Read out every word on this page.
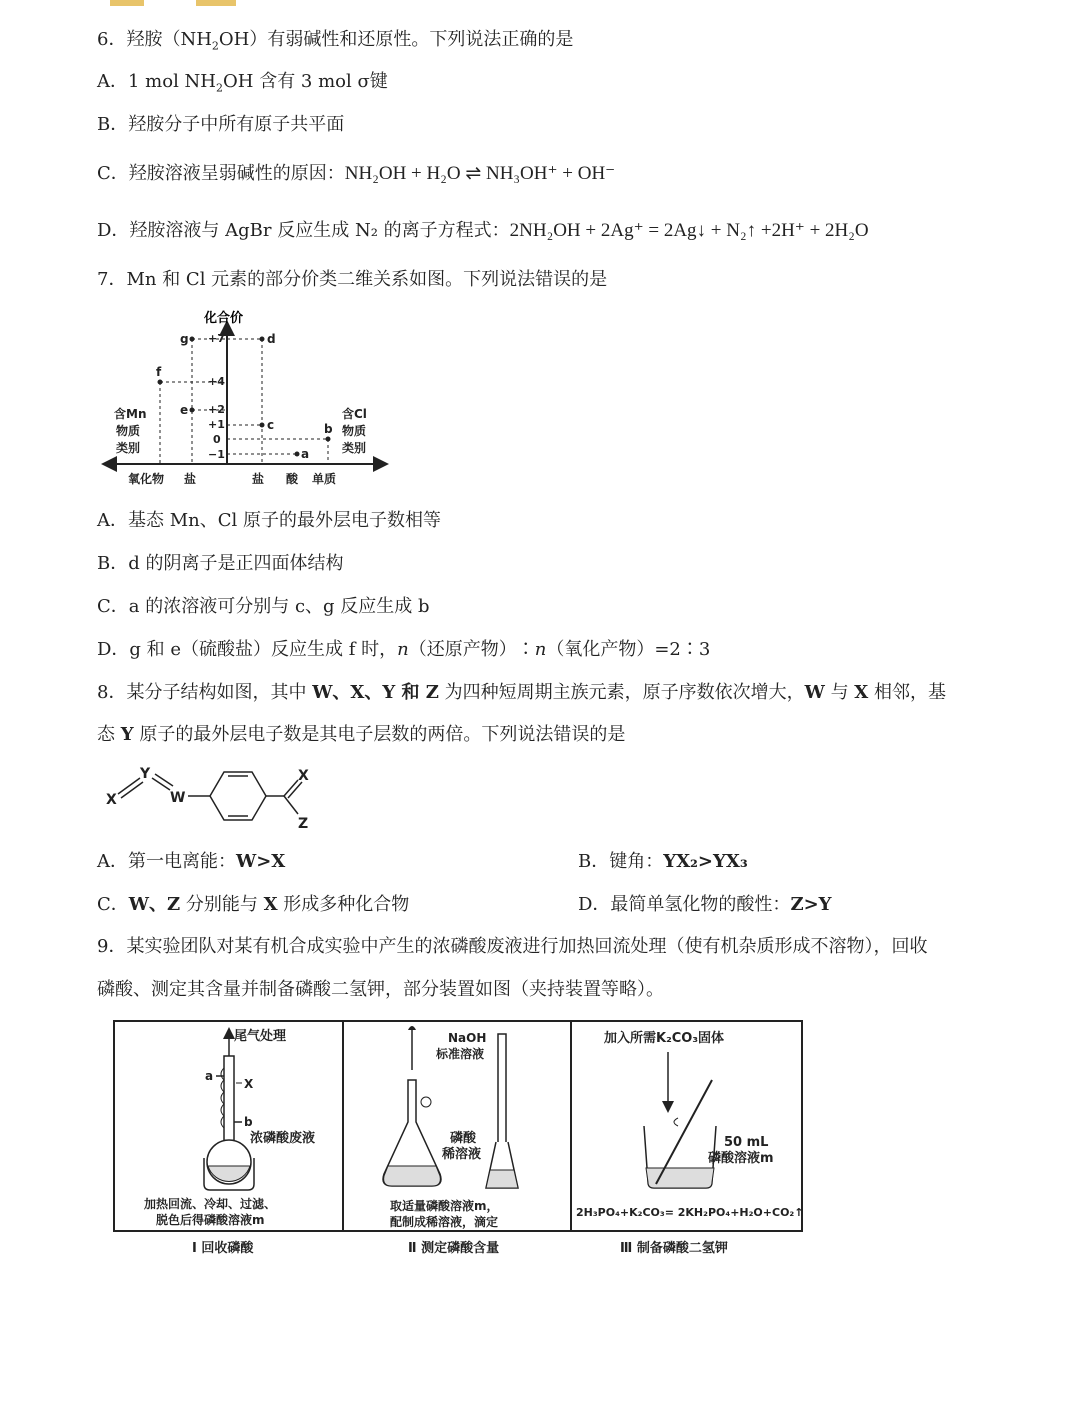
6．羟胺$(NH_2OH)$有弱碱性和还原性。下列说法正确的是
A．1 mol $NH_2OH$ 含有 3 mol σ键
B．羟胺分子中所有原子共平面
C．羟胺溶液呈弱碱性的原因：NH₂OH + H₂O ⇌ NH₃OH⁺ + OH⁻
D．羟胺溶液与 AgBr 反应生成 N₂ 的离子方程式：2NH₂OH + 2Ag⁺ = 2Ag↓ + N₂↑ +2H⁺ + 2H₂O
7．Mn 和 Cl 元素的部分价类二维关系如图。下列说法错误的是
化合价
+7
+4
+2
+1
0
−1
g	d
f
e
c	b
a
含Mn
物质
类别
含Cl
物质
类别
氧化物 盐	盐 酸 单质
A．基态 Mn、Cl 原子的最外层电子数相等
B．d 的阴离子是正四面体结构
C．a 的浓溶液可分别与 c、g 反应生成 b
D．g 和 e（硫酸盐）反应生成 f 时，n（还原产物）∶n（氧化产物）=2∶3
8．某分子结构如图，其中 W、X、Y 和 Z 为四种短周期主族元素，原子序数依次增大，W 与 X 相邻，基
态 Y 原子的最外层电子数是其电子层数的两倍。下列说法错误的是
X
Y
W
X
Z
A．第一电离能：W>X	B．键角：YX₂>YX₃
C．W、Z 分别能与 X 形成多种化合物	D．最简单氢化物的酸性：Z>Y
9．某实验团队对某有机合成实验中产生的浓磷酸废液进行加热回流处理（使有机杂质形成不溶物），回收
磷酸、测定其含量并制备磷酸二氢钾，部分装置如图（夹持装置等略）。
尾气处理
a
X
b
浓磷酸废液
加热回流、冷却、过滤、
脱色后得磷酸溶液m
Ⅰ 回收磷酸
NaOH
标准溶液
磷酸
稀溶液
取适量磷酸溶液m，
配制成稀溶液，滴定
Ⅱ 测定磷酸含量
加入所需K₂CO₃固体
50 mL
磷酸溶液m
2H₃PO₄+K₂CO₃= 2KH₂PO₄+H₂O+CO₂↑
Ⅲ 制备磷酸二氢钾
